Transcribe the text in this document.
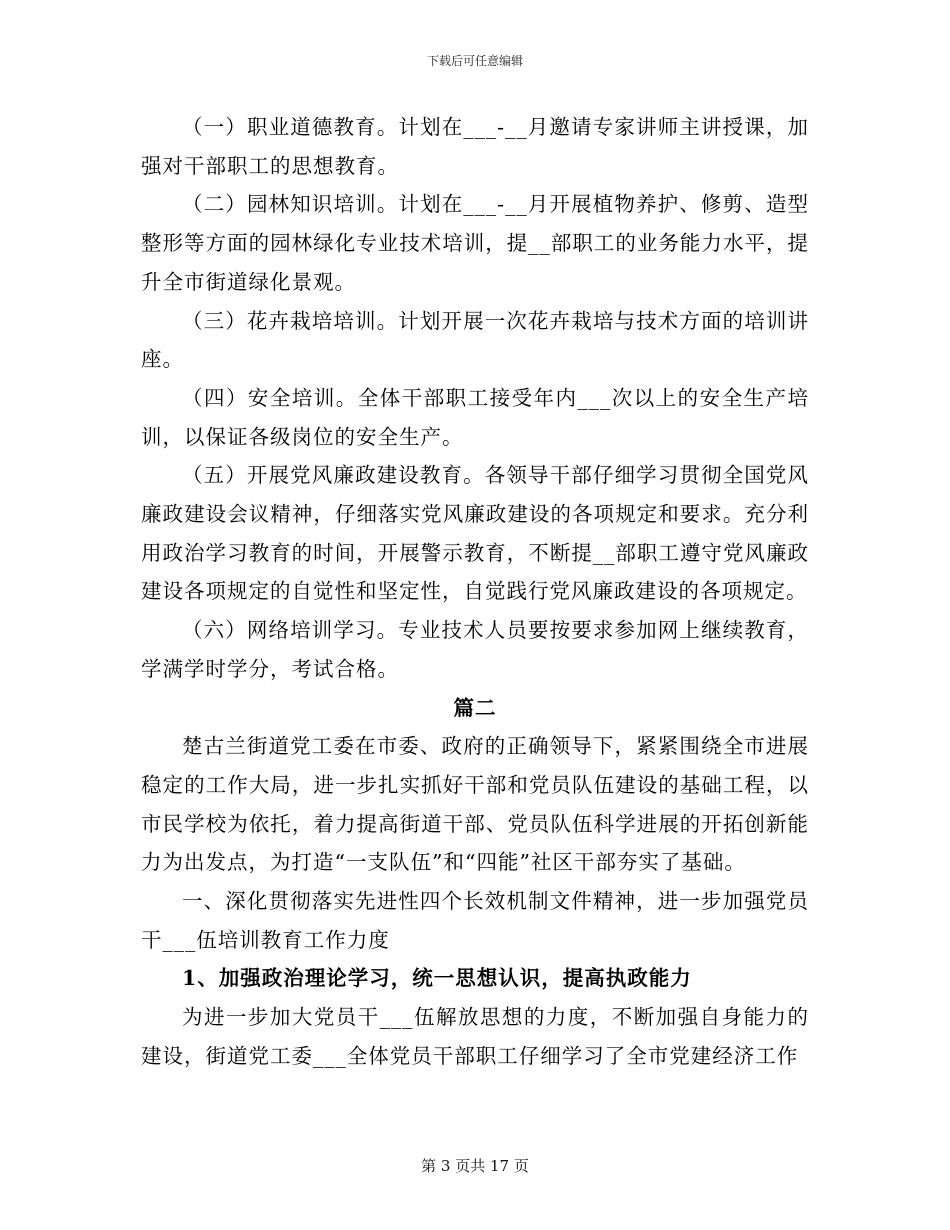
下载后可任意编辑

（一）职业道德教育。计划在___-__月邀请专家讲师主讲授课，加强对干部职工的思想教育。

（二）园林知识培训。计划在___-__月开展植物养护、修剪、造型整形等方面的园林绿化专业技术培训，提__部职工的业务能力水平，提升全市街道绿化景观。

（三）花卉栽培培训。计划开展一次花卉栽培与技术方面的培训讲座。

（四）安全培训。全体干部职工接受年内___次以上的安全生产培训，以保证各级岗位的安全生产。

（五）开展党风廉政建设教育。各领导干部仔细学习贯彻全国党风廉政建设会议精神，仔细落实党风廉政建设的各项规定和要求。充分利用政治学习教育的时间，开展警示教育，不断提__部职工遵守党风廉政建设各项规定的自觉性和坚定性，自觉践行党风廉政建设的各项规定。

（六）网络培训学习。专业技术人员要按要求参加网上继续教育，学满学时学分，考试合格。

篇二

楚古兰街道党工委在市委、政府的正确领导下，紧紧围绕全市进展稳定的工作大局，进一步扎实抓好干部和党员队伍建设的基础工程，以市民学校为依托，着力提高街道干部、党员队伍科学进展的开拓创新能力为出发点，为打造“一支队伍”和“四能”社区干部夯实了基础。

一、深化贯彻落实先进性四个长效机制文件精神，进一步加强党员干___伍培训教育工作力度

1、加强政治理论学习，统一思想认识，提高执政能力

为进一步加大党员干___伍解放思想的力度，不断加强自身能力的建设，街道党工委___全体党员干部职工仔细学习了全市党建经济工作

第 3 页共 17 页
